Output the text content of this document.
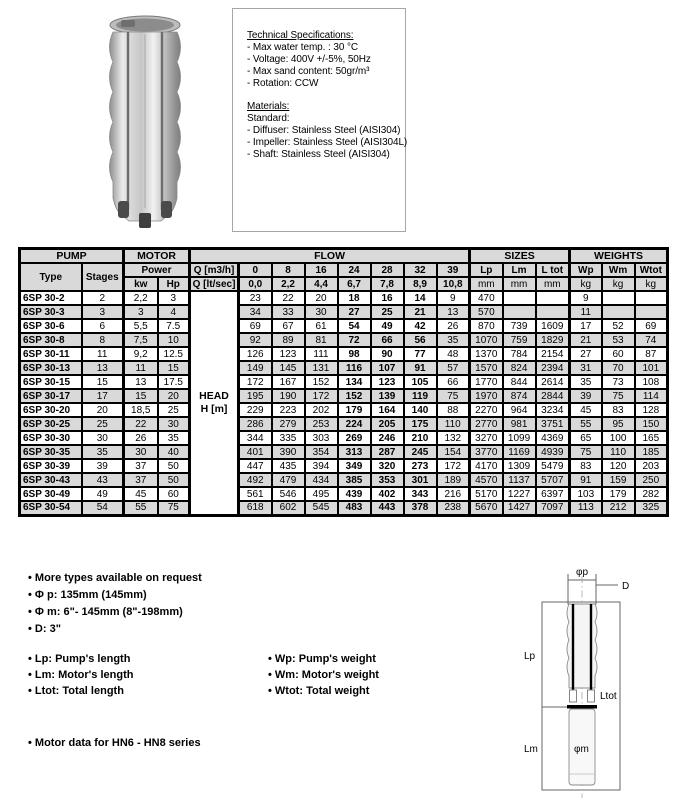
Technical Specifications:
- Max water temp. : 30 °C
- Voltage: 400V +/-5%, 50Hz
- Max sand content: 50gr/m³
- Rotation: CCW
Materials:
Standard:
- Diffuser: Stainless Steel (AISI304)
- Impeller: Stainless Steel (AISI304L)
- Shaft: Stainless Steel (AISI304)
PUMP		MOTOR		FLOW								SIZES			WEIGHTS		
Type	Stages	Power		Q [m3/h]	0	8	16	24	28	32	39	Lp	Lm	L tot	Wp	Wm	Wtot
		kw	Hp	Q [lt/sec]	0,0	2,2	4,4	6,7	7,8	8,9	10,8	mm	mm	mm	kg	kg	kg
6SP 30-2	2	2,2	3	HEAD
H [m]	23	22	20	18	16	14	9	470			9		
6SP 30-3	3	3	4		34	33	30	27	25	21	13	570			11		
6SP 30-6	6	5,5	7.5		69	67	61	54	49	42	26	870	739	1609	17	52	69
6SP 30-8	8	7,5	10		92	89	81	72	66	56	35	1070	759	1829	21	53	74
6SP 30-11	11	9,2	12.5		126	123	111	98	90	77	48	1370	784	2154	27	60	87
6SP 30-13	13	11	15		149	145	131	116	107	91	57	1570	824	2394	31	70	101
6SP 30-15	15	13	17.5		172	167	152	134	123	105	66	1770	844	2614	35	73	108
6SP 30-17	17	15	20		195	190	172	152	139	119	75	1970	874	2844	39	75	114
6SP 30-20	20	18,5	25		229	223	202	179	164	140	88	2270	964	3234	45	83	128
6SP 30-25	25	22	30		286	279	253	224	205	175	110	2770	981	3751	55	95	150
6SP 30-30	30	26	35		344	335	303	269	246	210	132	3270	1099	4369	65	100	165
6SP 30-35	35	30	40		401	390	354	313	287	245	154	3770	1169	4939	75	110	185
6SP 30-39	39	37	50		447	435	394	349	320	273	172	4170	1309	5479	83	120	203
6SP 30-43	43	37	50		492	479	434	385	353	301	189	4570	1137	5707	91	159	250
6SP 30-49	49	45	60		561	546	495	439	402	343	216	5170	1227	6397	103	179	282
6SP 30-54	54	55	75		618	602	545	483	443	378	238	5670	1427	7097	113	212	325
• More types available on request
• Φ p: 135mm (145mm)
• Φ m: 6"- 145mm (8"-198mm)
• D: 3"
• Lp: Pump's length
• Lm: Motor's length
• Ltot: Total length
• Wp: Pump's weight
• Wm: Motor's weight
• Wtot: Total weight
• Motor data for HN6 - HN8 series
φp
D
Lp
Ltot
Lm	φm
